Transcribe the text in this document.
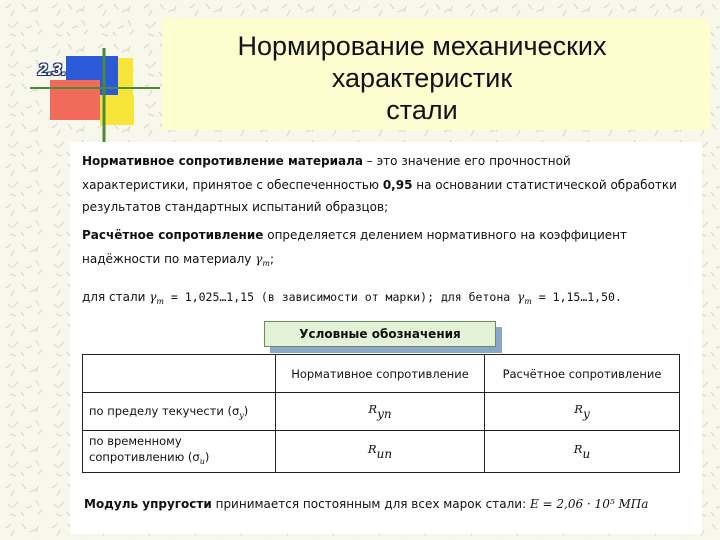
2.3.
Нормирование механических характеристик
стали
Нормативное сопротивление материала – это значение его прочностной
характеристики, принятое с обеспеченностью 0,95 на основании статистической обработки
результатов стандартных испытаний образцов;
Расчётное сопротивление определяется делением нормативного на коэффициент
надёжности по материалу $\gamma_m$;
для стали $\gamma_m$ = 1,025…1,15 (в зависимости от марки); для бетона $\gamma_m$ = 1,15…1,50.
Условные обозначения
	Нормативное сопротивление	Расчётное сопротивление
по пределу текучести $(\sigma_y)$	Ryn	Ry
по временному сопротивлению $(\sigma_u)$	Run	Ru
Модуль упругости принимается постоянным для всех марок стали: E = 2,06 · 10⁵ МПа
